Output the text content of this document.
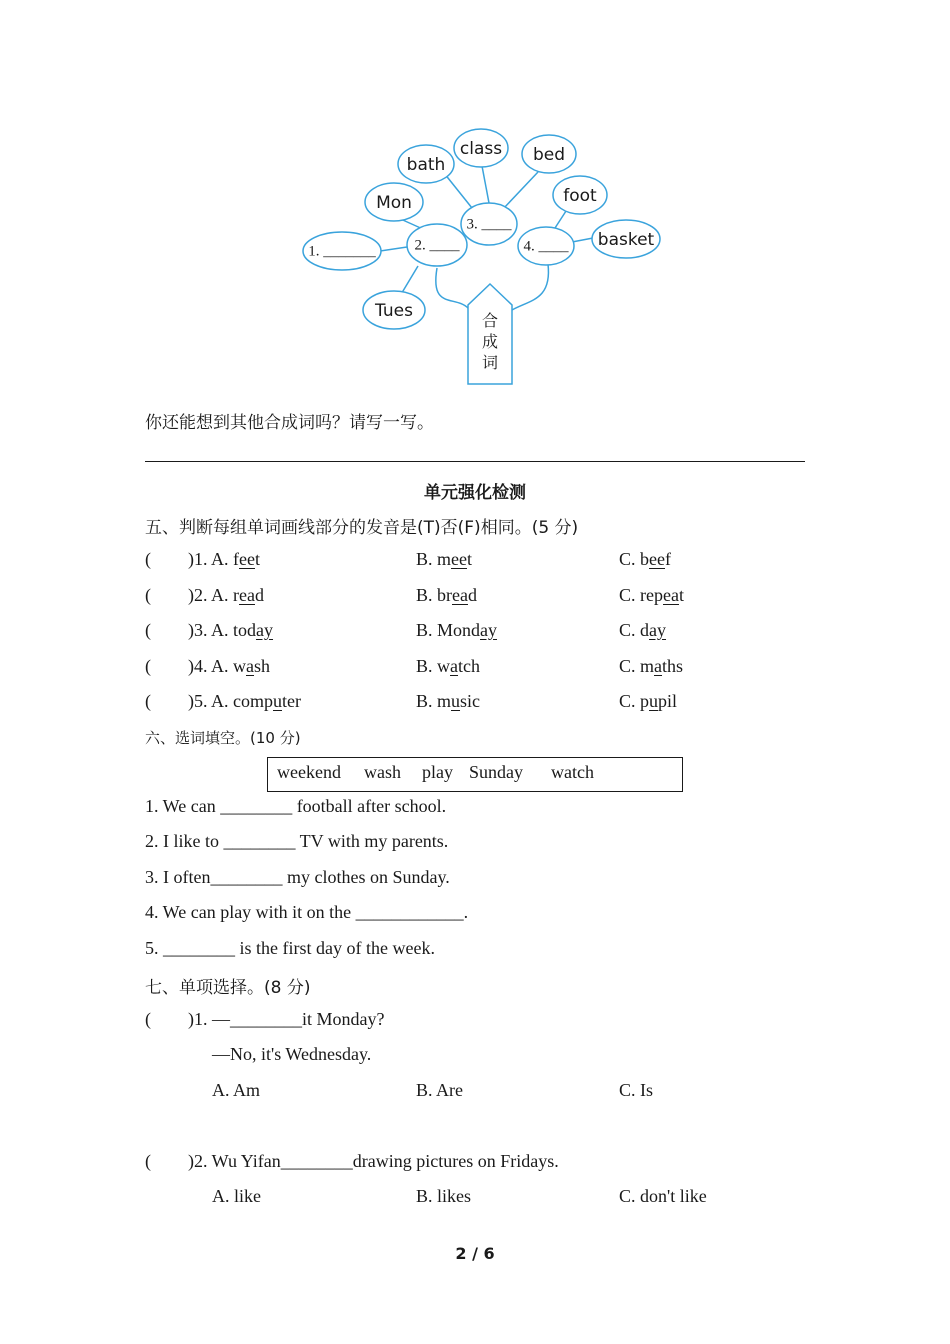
bath
class bed
Mon	foot
basket
Tues
1. _______	2. ____
3. ____
4. ____
合
成
词
你还能想到其他合成词吗？请写一写。
单元强化检测
五、判断每组单词画线部分的发音是(T)否(F)相同。(5 分)
( )1. A. feet	B. meet	C. beef
( )2. A. read	B. bread	C. repeat
( )3. A. today	B. Monday	C. day
( )4. A. wash	B. watch	C. maths
( )5. A. computer	B. music	C. pupil
六、选词填空。(10 分)
weekend wash play Sunday watch
1. We can ________ football after school.
2. I like to ________ TV with my parents.
3. I often________ my clothes on Sunday.
4. We can play with it on the ____________.
5. ________ is the first day of the week.
七、单项选择。(8 分)
( )1. —________it Monday?
—No, it's Wednesday.
A. Am	B. Are	C. Is
( )2. Wu Yifan________drawing pictures on Fridays.
A. like	B. likes	C. don't like
2 / 6
